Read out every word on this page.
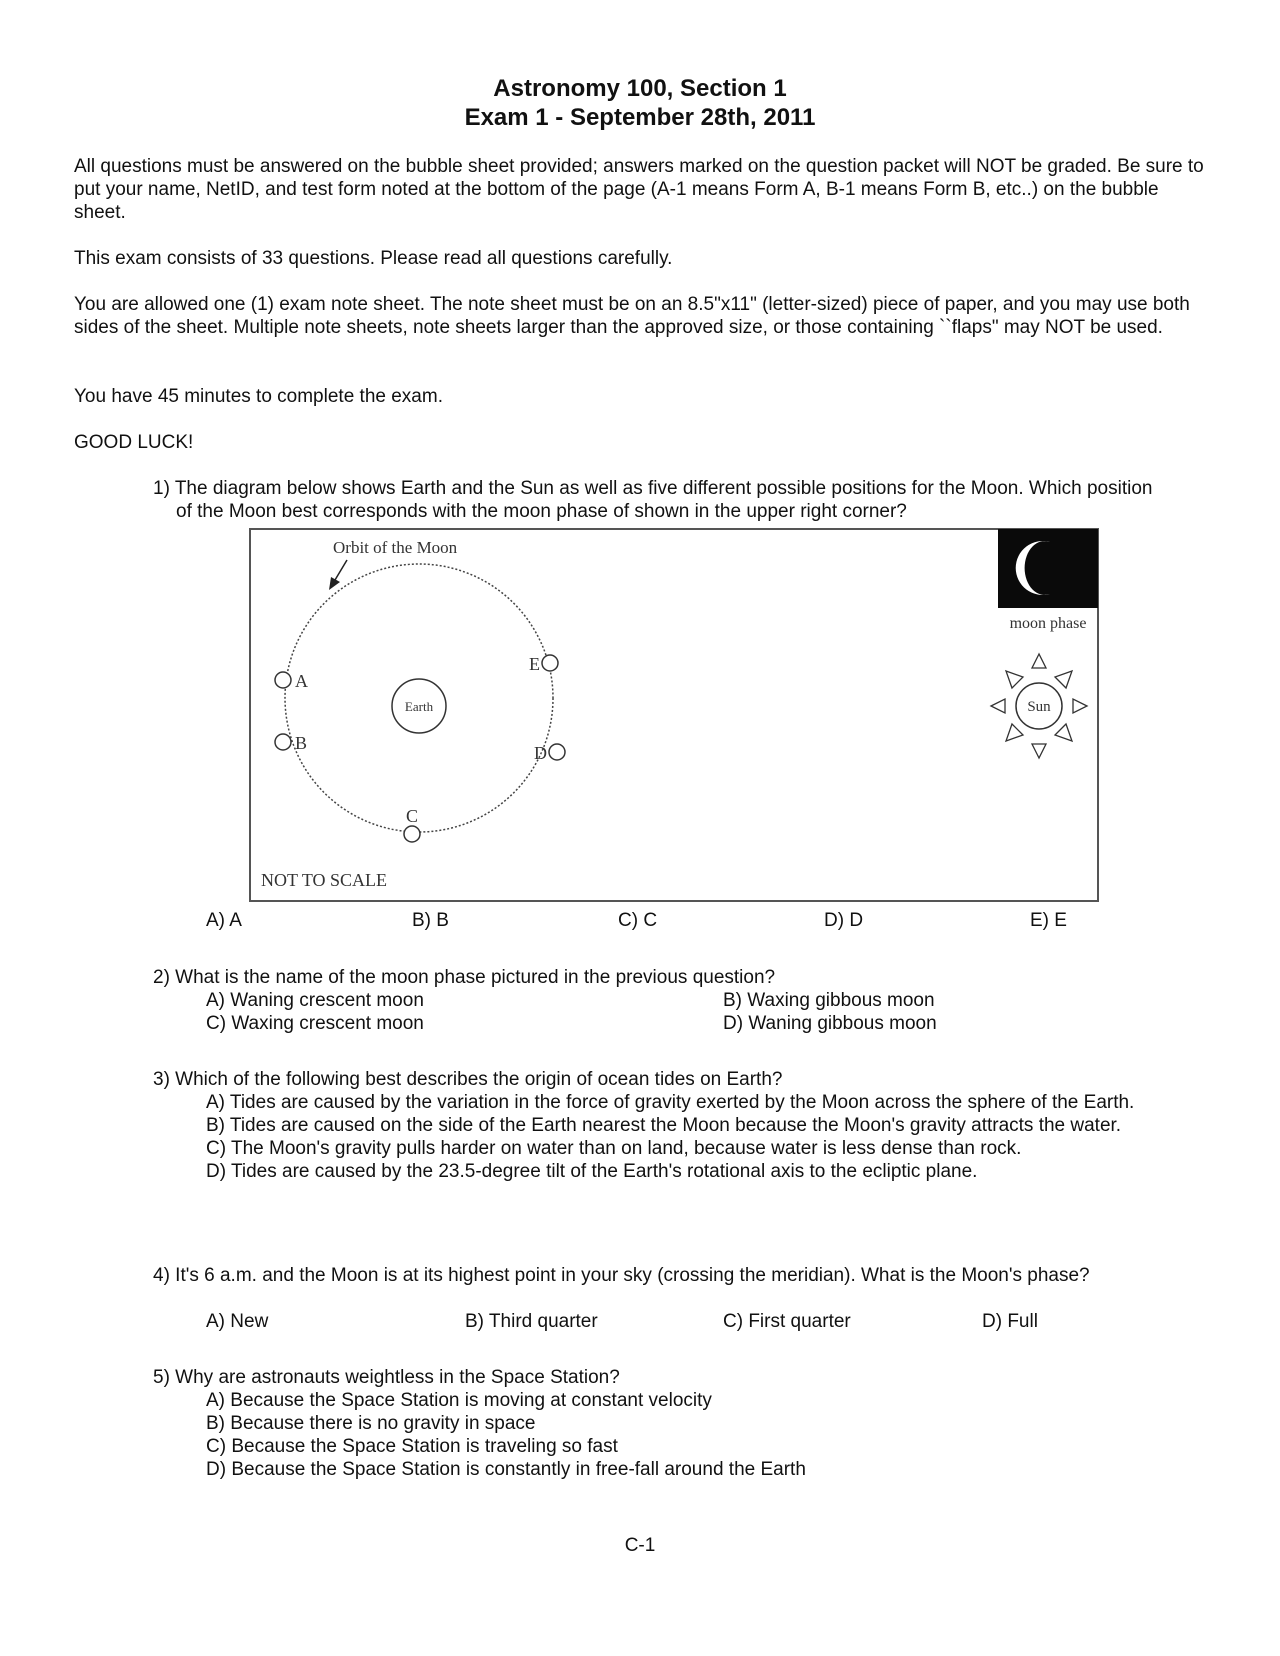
Astronomy 100, Section 1
Exam 1 - September 28th, 2011
All questions must be answered on the bubble sheet provided; answers marked on the question packet will NOT be graded. Be sure to put your name, NetID, and test form noted at the bottom of the page (A-1 means Form A, B-1 means Form B, etc..) on the bubble sheet.
This exam consists of 33 questions. Please read all questions carefully.
You are allowed one (1) exam note sheet. The note sheet must be on an 8.5"x11" (letter-sized) piece of paper, and you may use both sides of the sheet. Multiple note sheets, note sheets larger than the approved size, or those containing ``flaps" may NOT be used.
You have 45 minutes to complete the exam.
GOOD LUCK!
1) The diagram below shows Earth and the Sun as well as five different possible positions for the Moon. Which position of the Moon best corresponds with the moon phase of shown in the upper right corner?
Orbit of the Moon
Earth
A
B
C
D
E
moon phase
Sun
NOT TO SCALE
A) A	B) B	C) C	D) D	E) E
2) What is the name of the moon phase pictured in the previous question?
A) Waning crescent moon	B) Waxing gibbous moon
C) Waxing crescent moon	D) Waning gibbous moon
3) Which of the following best describes the origin of ocean tides on Earth?
A) Tides are caused by the variation in the force of gravity exerted by the Moon across the sphere of the Earth.
B) Tides are caused on the side of the Earth nearest the Moon because the Moon's gravity attracts the water.
C) The Moon's gravity pulls harder on water than on land, because water is less dense than rock.
D) Tides are caused by the 23.5-degree tilt of the Earth's rotational axis to the ecliptic plane.
4) It's 6 a.m. and the Moon is at its highest point in your sky (crossing the meridian). What is the Moon's phase?
A) New	B) Third quarter	C) First quarter	D) Full
5) Why are astronauts weightless in the Space Station?
A) Because the Space Station is moving at constant velocity
B) Because there is no gravity in space
C) Because the Space Station is traveling so fast
D) Because the Space Station is constantly in free-fall around the Earth
C-1
